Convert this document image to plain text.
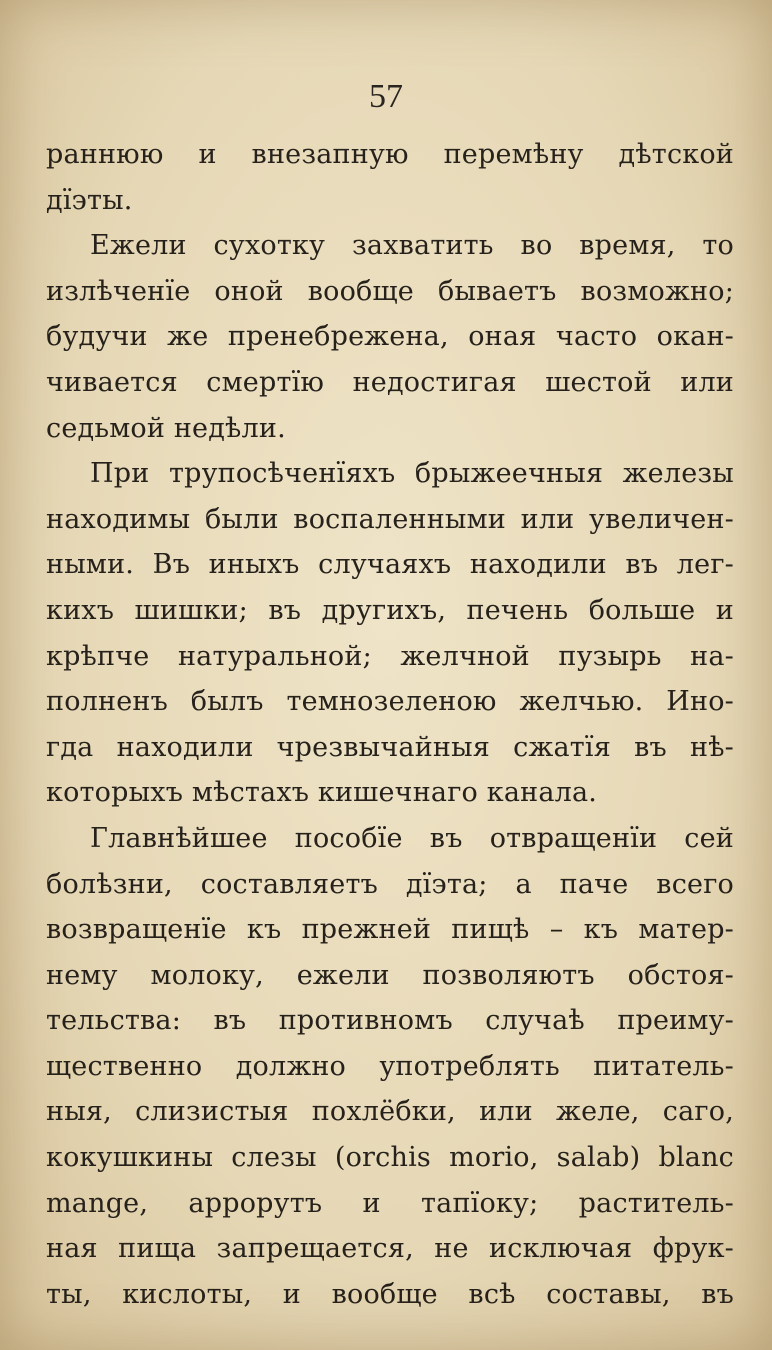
57
раннюю и внезапную перемѣну дѣтской
дїэты.
Ежели сухотку захватить во время, то
излѣченїе оной вообще бываетъ возможно;
будучи же пренебрежена, оная часто окан-
чивается смертїю недостигая шестой или
седьмой недѣли.
При трупосѣченїяхъ брыжеечныя железы
находимы были воспаленными или увеличен-
ными. Въ иныхъ случаяхъ находили въ лег-
кихъ шишки; въ другихъ, печень больше и
крѣпче натуральной; желчной пузырь на-
полненъ былъ темнозеленою желчью. Ино-
гда находили чрезвычайныя сжатїя въ нѣ-
которыхъ мѣстахъ кишечнаго канала.
Главнѣйшее пособїе въ отвращенїи сей
болѣзни, составляетъ дїэта; а паче всего
возвращенїе къ прежней пищѣ – къ матер-
нему молоку, ежели позволяютъ обстоя-
тельства: въ противномъ случаѣ преиму-
щественно должно употреблять питатель-
ныя, слизистыя похлёбки, или желе, саго,
кокушкины слезы (orchis morio, salab) blanc
mange, аррорутъ и тапїоку; раститель-
ная пища запрещается, не исключая фрук-
ты, кислоты, и вообще всѣ составы, въ
